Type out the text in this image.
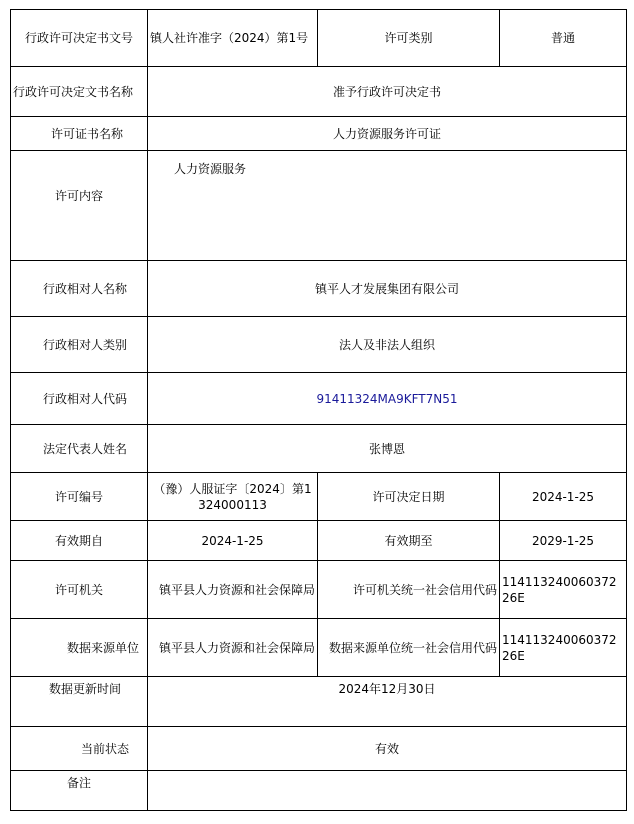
行政许可决定书文号	镇人社许准字（2024）第1号	许可类别	普通
行政许可决定文书名称	准予行政许可决定书		
许可证书名称	人力资源服务许可证		
许可内容	人力资源服务		
行政相对人名称	镇平人才发展集团有限公司		
行政相对人类别	法人及非法人组织		
行政相对人代码	91411324MA9KFT7N51		
法定代表人姓名	张博恩		
许可编号	（豫）人服证字〔2024〕第1324000113	许可决定日期	2024-1-25
有效期自	2024-1-25	有效期至	2029-1-25
许可机关	镇平县人力资源和社会保障局	许可机关统一社会信用代码	11411324006037226E
数据来源单位	镇平县人力资源和社会保障局	数据来源单位统一社会信用代码	11411324006037226E
数据更新时间	2024年12月30日		
当前状态	有效		
备注			
